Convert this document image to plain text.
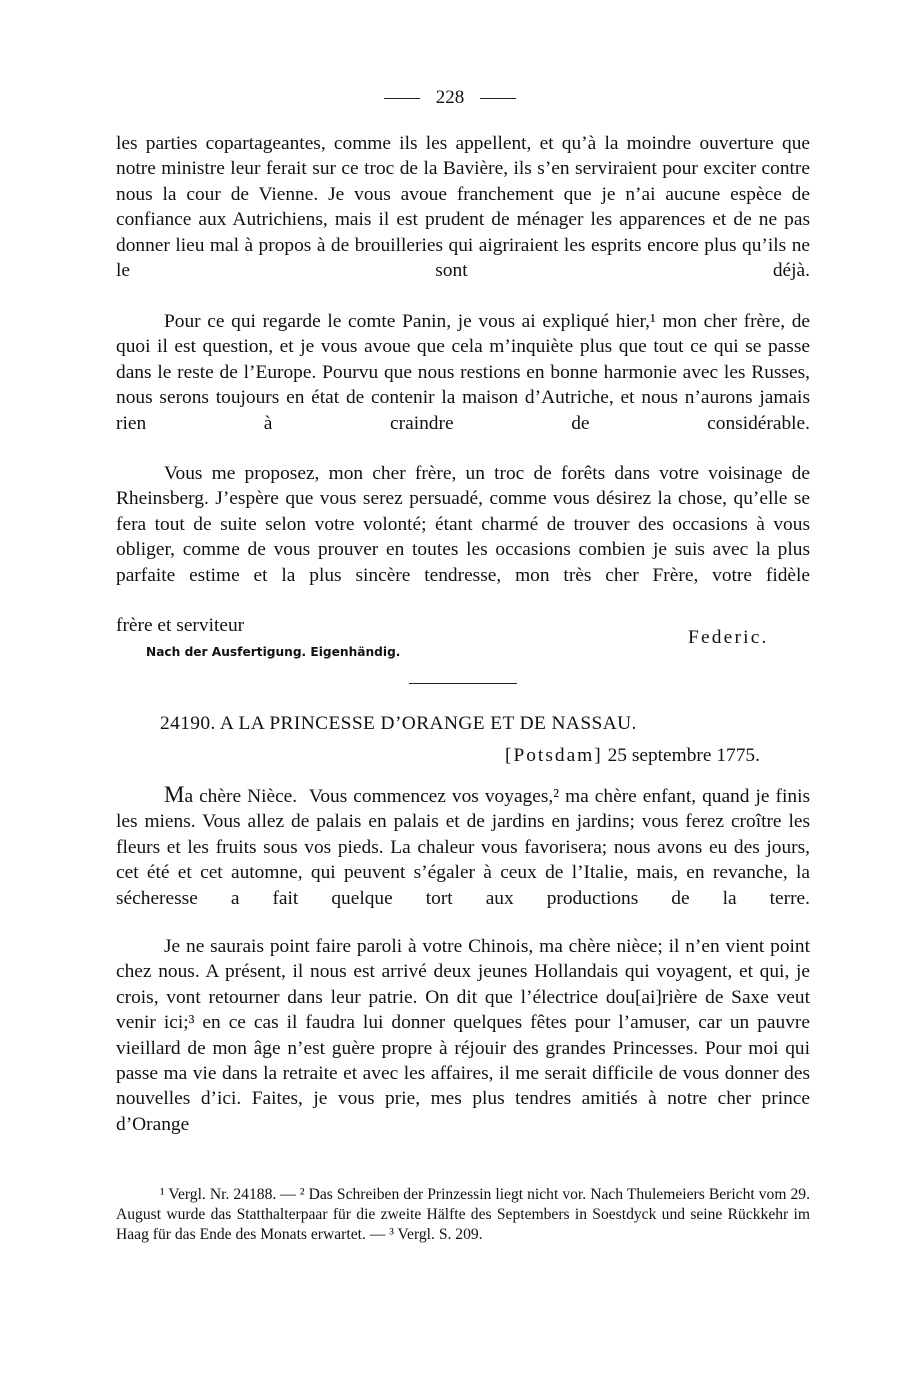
228
les parties copartageantes, comme ils les appellent, et qu’à la moindre ouverture que notre ministre leur ferait sur ce troc de la Bavière, ils s’en serviraient pour exciter contre nous la cour de Vienne. Je vous avoue franchement que je n’ai aucune espèce de confiance aux Autrichiens, mais il est prudent de ménager les apparences et de ne pas donner lieu mal à propos à de brouilleries qui aigriraient les esprits encore plus qu’ils ne le sont déjà.
Pour ce qui regarde le comte Panin, je vous ai expliqué hier,¹ mon cher frère, de quoi il est question, et je vous avoue que cela m’inquiète plus que tout ce qui se passe dans le reste de l’Europe. Pourvu que nous restions en bonne harmonie avec les Russes, nous serons toujours en état de contenir la maison d’Autriche, et nous n’aurons jamais rien à craindre de considérable.
Vous me proposez, mon cher frère, un troc de forêts dans votre voisinage de Rheinsberg. J’espère que vous serez persuadé, comme vous désirez la chose, qu’elle se fera tout de suite selon votre volonté; étant charmé de trouver des occasions à vous obliger, comme de vous prouver en toutes les occasions combien je suis avec la plus parfaite estime et la plus sincère tendresse, mon très cher Frère, votre fidèle
frère et serviteur
Federic.
Nach der Ausfertigung. Eigenhändig.
24190. A LA PRINCESSE D’ORANGE ET DE NASSAU.
[Potsdam] 25 septembre 1775.
Ma chère Nièce. Vous commencez vos voyages,² ma chère enfant, quand je finis les miens. Vous allez de palais en palais et de jardins en jardins; vous ferez croître les fleurs et les fruits sous vos pieds. La chaleur vous favorisera; nous avons eu des jours, cet été et cet automne, qui peuvent s’égaler à ceux de l’Italie, mais, en revanche, la sécheresse a fait quelque tort aux productions de la terre.
Je ne saurais point faire paroli à votre Chinois, ma chère nièce; il n’en vient point chez nous. A présent, il nous est arrivé deux jeunes Hollandais qui voyagent, et qui, je crois, vont retourner dans leur patrie. On dit que l’électrice dou[ai]rière de Saxe veut venir ici;³ en ce cas il faudra lui donner quelques fêtes pour l’amuser, car un pauvre vieillard de mon âge n’est guère propre à réjouir des grandes Princesses. Pour moi qui passe ma vie dans la retraite et avec les affaires, il me serait difficile de vous donner des nouvelles d’ici. Faites, je vous prie, mes plus tendres amitiés à notre cher prince d’Orange
¹ Vergl. Nr. 24188. — ² Das Schreiben der Prinzessin liegt nicht vor. Nach Thulemeiers Bericht vom 29. August wurde das Statthalterpaar für die zweite Hälfte des Septembers in Soestdyck und seine Rückkehr im Haag für das Ende des Monats erwartet. — ³ Vergl. S. 209.
